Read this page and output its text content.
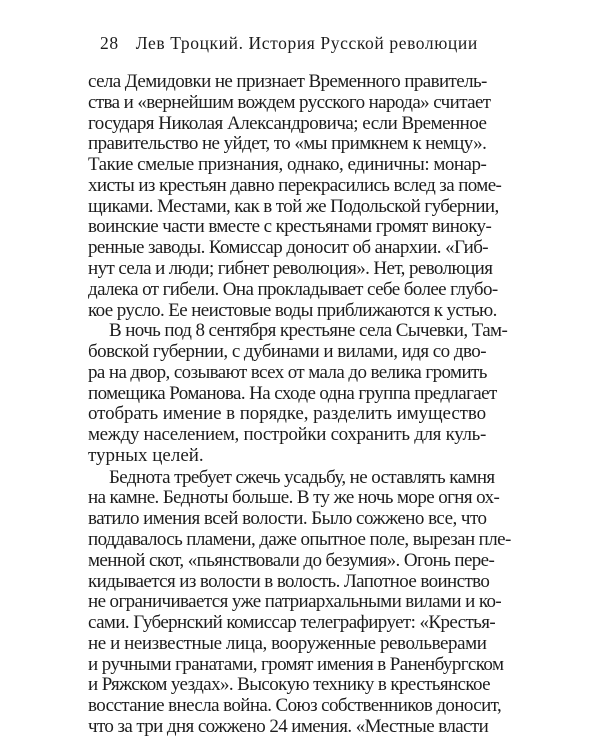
28 Лев Троцкий. История Русской революции
села Демидовки не признает Временного правитель-
ства и «вернейшим вождем русского народа» считает
государя Николая Александровича; если Временное
правительство не уйдет, то «мы примкнем к немцу».
Такие смелые признания, однако, единичны: монар-
хисты из крестьян давно перекрасились вслед за поме-
щиками. Местами, как в той же Подольской губернии,
воинские части вместе с крестьянами громят виноку-
ренные заводы. Комиссар доносит об анархии. «Гиб-
нут села и люди; гибнет революция». Нет, революция
далека от гибели. Она прокладывает себе более глубо-
кое русло. Ее неистовые воды приближаются к устью.
В ночь под 8 сентября крестьяне села Сычевки, Там-
бовской губернии, с дубинами и вилами, идя со дво-
ра на двор, созывают всех от мала до велика громить
помещика Романова. На сходе одна группа предлагает
отобрать имение в порядке, разделить имущество
между населением, постройки сохранить для куль-
турных целей.
Беднота требует сжечь усадьбу, не оставлять камня
на камне. Бедноты больше. В ту же ночь море огня ох-
ватило имения всей волости. Было сожжено все, что
поддавалось пламени, даже опытное поле, вырезан пле-
менной скот, «пьянствовали до безумия». Огонь пере-
кидывается из волости в волость. Лапотное воинство
не ограничивается уже патриархальными вилами и ко-
сами. Губернский комиссар телеграфирует: «Крестья-
не и неизвестные лица, вооруженные револьверами
и ручными гранатами, громят имения в Раненбургском
и Ряжском уездах». Высокую технику в крестьянское
восстание внесла война. Союз собственников доносит,
что за три дня сожжено 24 имения. «Местные власти
